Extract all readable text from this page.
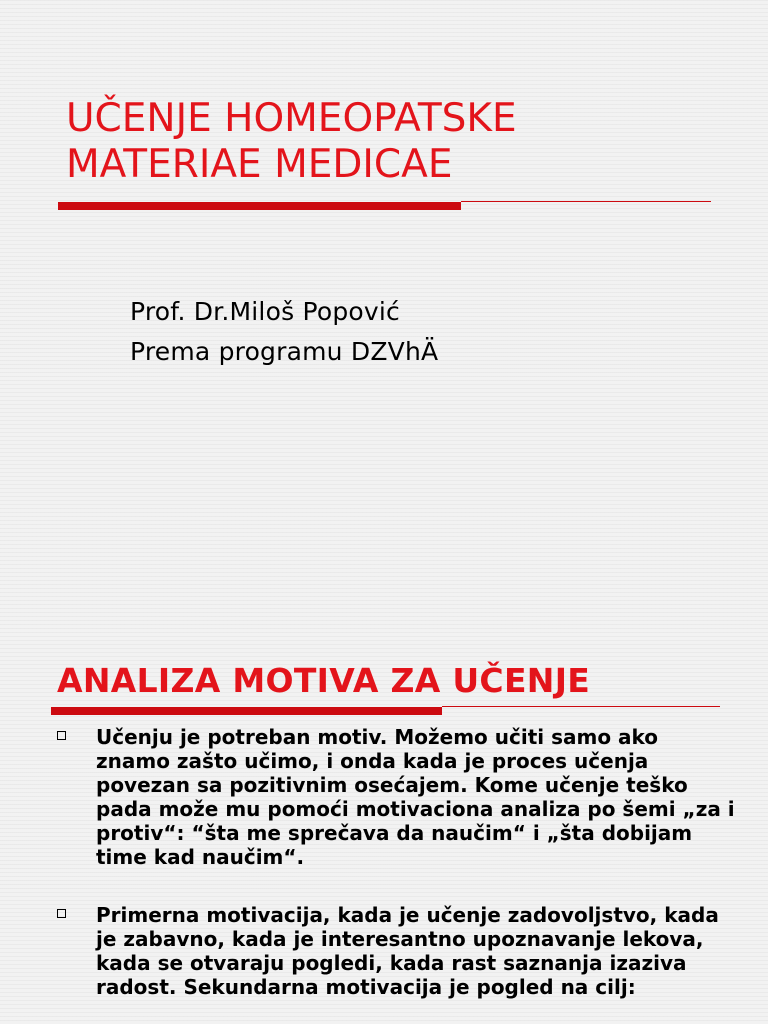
UČENJE HOMEOPATSKE
MATERIAE MEDICAE
Prof. Dr.Miloš Popović
Prema programu DZVhÄ
ANALIZA MOTIVA ZA UČENJE
Učenju je potreban motiv. Možemo učiti samo ako znamo zašto učimo, i onda kada je proces učenja povezan sa pozitivnim osećajem. Kome učenje teško pada može mu pomoći motivaciona analiza po šemi „za i protiv“: “šta me sprečava da naučim“ i „šta dobijam time kad naučim“.
Primerna motivacija, kada je učenje zadovoljstvo, kada je zabavno, kada je interesantno upoznavanje lekova, kada se otvaraju pogledi, kada rast saznanja izaziva radost. Sekundarna motivacija je pogled na cilj:
